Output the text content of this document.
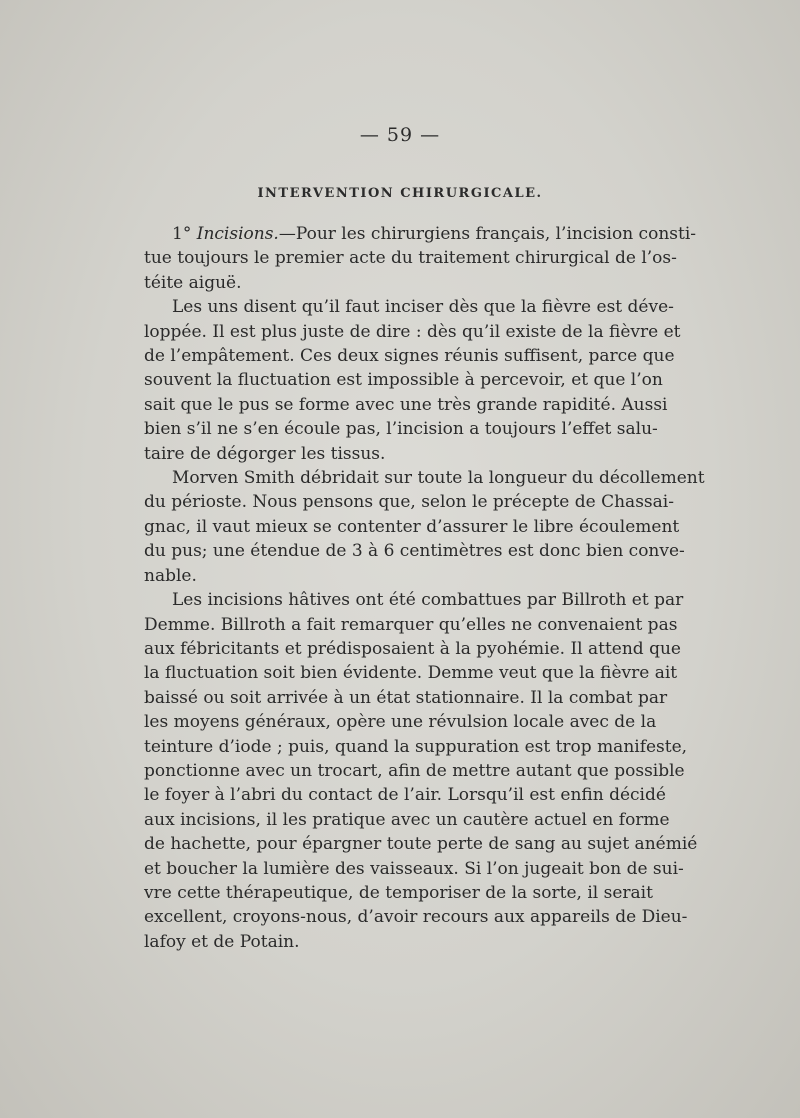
— 59 —
INTERVENTION CHIRURGICALE.
1° Incisions.—Pour les chirurgiens français, l’incision consti-
tue toujours le premier acte du traitement chirurgical de l’os-
téite aiguë.
Les uns disent qu’il faut inciser dès que la fièvre est déve-
loppée. Il est plus juste de dire : dès qu’il existe de la fièvre et
de l’empâtement. Ces deux signes réunis suffisent, parce que
souvent la fluctuation est impossible à percevoir, et que l’on
sait que le pus se forme avec une très grande rapidité. Aussi
bien s’il ne s’en écoule pas, l’incision a toujours l’effet salu-
taire de dégorger les tissus.
Morven Smith débridait sur toute la longueur du décollement
du périoste. Nous pensons que, selon le précepte de Chassai-
gnac, il vaut mieux se contenter d’assurer le libre écoulement
du pus; une étendue de 3 à 6 centimètres est donc bien conve-
nable.
Les incisions hâtives ont été combattues par Billroth et par
Demme. Billroth a fait remarquer qu’elles ne convenaient pas
aux fébricitants et prédisposaient à la pyohémie. Il attend que
la fluctuation soit bien évidente. Demme veut que la fièvre ait
baissé ou soit arrivée à un état stationnaire. Il la combat par
les moyens généraux, opère une révulsion locale avec de la
teinture d’iode ; puis, quand la suppuration est trop manifeste,
ponctionne avec un trocart, afin de mettre autant que possible
le foyer à l’abri du contact de l’air. Lorsqu’il est enfin décidé
aux incisions, il les pratique avec un cautère actuel en forme
de hachette, pour épargner toute perte de sang au sujet anémié
et boucher la lumière des vaisseaux. Si l’on jugeait bon de sui-
vre cette thérapeutique, de temporiser de la sorte, il serait
excellent, croyons-nous, d’avoir recours aux appareils de Dieu-
lafoy et de Potain.
